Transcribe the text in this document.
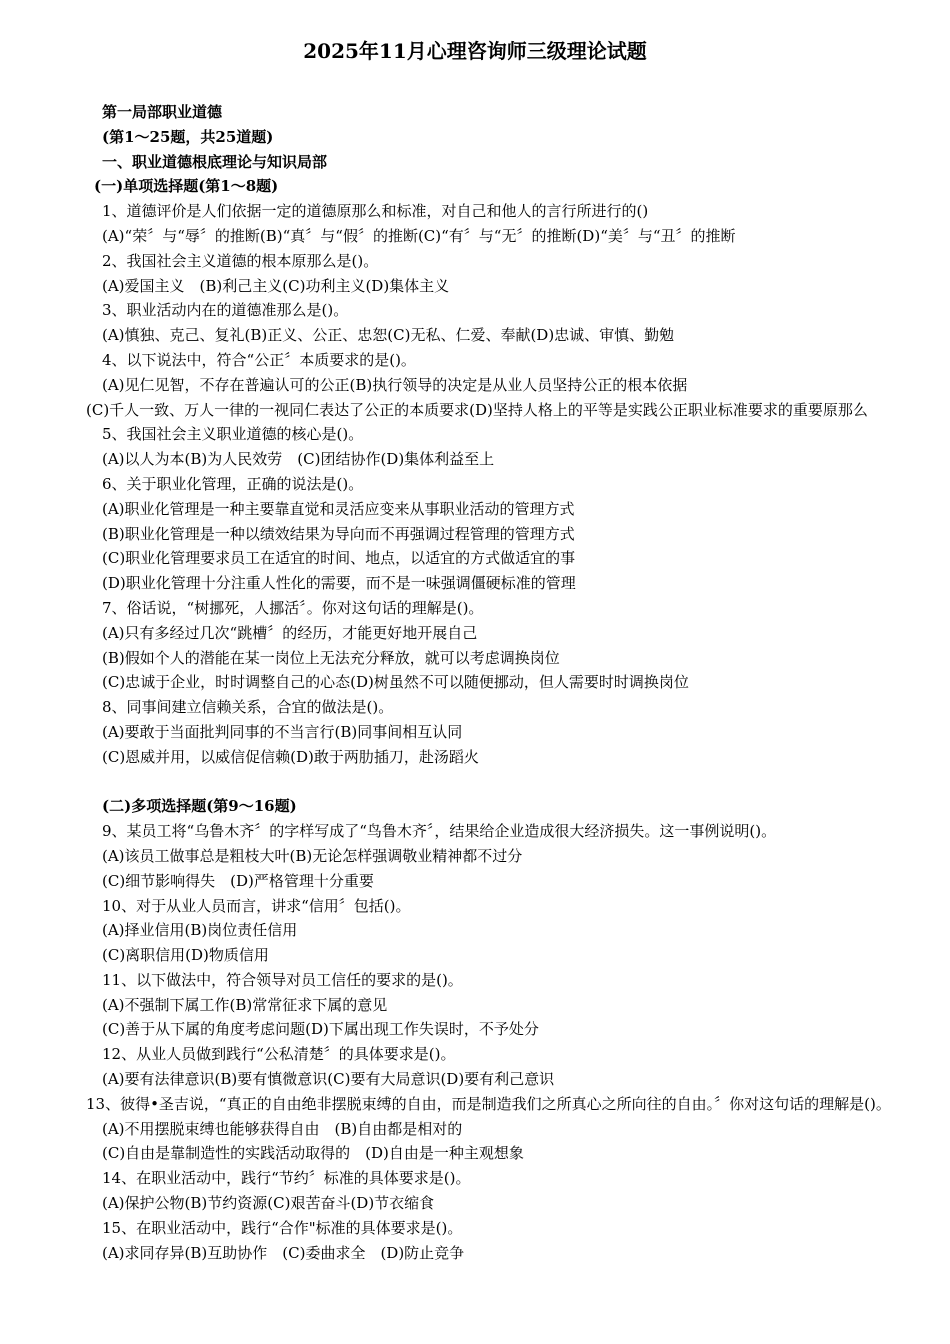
2025年11月心理咨询师三级理论试题
第一局部职业道德
(第1～25题，共25道题)
一、职业道德根底理论与知识局部
(一)单项选择题(第1～8题)
1、道德评价是人们依据一定的道德原那么和标准，对自己和他人的言行所进行的()
(A)“荣〞与“辱〞的推断(B)“真〞与“假〞的推断(C)“有〞与“无〞的推断(D)“美〞与“丑〞的推断
2、我国社会主义道德的根本原那么是()。
(A)爱国主义　(B)利己主义(C)功利主义(D)集体主义
3、职业活动内在的道德准那么是()。
(A)慎独、克己、复礼(B)正义、公正、忠恕(C)无私、仁爱、奉献(D)忠诚、审慎、勤勉
4、以下说法中，符合“公正〞本质要求的是()。
(A)见仁见智，不存在普遍认可的公正(B)执行领导的决定是从业人员坚持公正的根本依据
(C)千人一致、万人一律的一视同仁表达了公正的本质要求(D)坚持人格上的平等是实践公正职业标准要求的重要原那么
5、我国社会主义职业道德的核心是()。
(A)以人为本(B)为人民效劳　(C)团结协作(D)集体利益至上
6、关于职业化管理，正确的说法是()。
(A)职业化管理是一种主要靠直觉和灵活应变来从事职业活动的管理方式
(B)职业化管理是一种以绩效结果为导向而不再强调过程管理的管理方式
(C)职业化管理要求员工在适宜的时间、地点，以适宜的方式做适宜的事
(D)职业化管理十分注重人性化的需要，而不是一味强调僵硬标准的管理
7、俗话说，“树挪死，人挪活〞。你对这句话的理解是()。
(A)只有多经过几次“跳槽〞的经历，才能更好地开展自己
(B)假如个人的潜能在某一岗位上无法充分释放，就可以考虑调换岗位
(C)忠诚于企业，时时调整自己的心态(D)树虽然不可以随便挪动，但人需要时时调换岗位
8、同事间建立信赖关系，合宜的做法是()。
(A)要敢于当面批判同事的不当言行(B)同事间相互认同
(C)恩威并用，以威信促信赖(D)敢于两肋插刀，赴汤蹈火
(二)多项选择题(第9～16题)
9、某员工将“乌鲁木齐〞的字样写成了“鸟鲁木齐〞，结果给企业造成很大经济损失。这一事例说明()。
(A)该员工做事总是粗枝大叶(B)无论怎样强调敬业精神都不过分
(C)细节影响得失　(D)严格管理十分重要
10、对于从业人员而言，讲求“信用〞包括()。
(A)择业信用(B)岗位责任信用
(C)离职信用(D)物质信用
11、以下做法中，符合领导对员工信任的要求的是()。
(A)不强制下属工作(B)常常征求下属的意见
(C)善于从下属的角度考虑问题(D)下属出现工作失误时，不予处分
12、从业人员做到践行“公私清楚〞的具体要求是()。
(A)要有法律意识(B)要有慎微意识(C)要有大局意识(D)要有利己意识
13、彼得•圣吉说，“真正的自由绝非摆脱束缚的自由，而是制造我们之所真心之所向往的自由。〞你对这句话的理解是()。
(A)不用摆脱束缚也能够获得自由　(B)自由都是相对的
(C)自由是靠制造性的实践活动取得的　(D)自由是一种主观想象
14、在职业活动中，践行“节约〞标准的具体要求是()。
(A)保护公物(B)节约资源(C)艰苦奋斗(D)节衣缩食
15、在职业活动中，践行“合作"标准的具体要求是()。
(A)求同存异(B)互助协作　(C)委曲求全　(D)防止竞争
